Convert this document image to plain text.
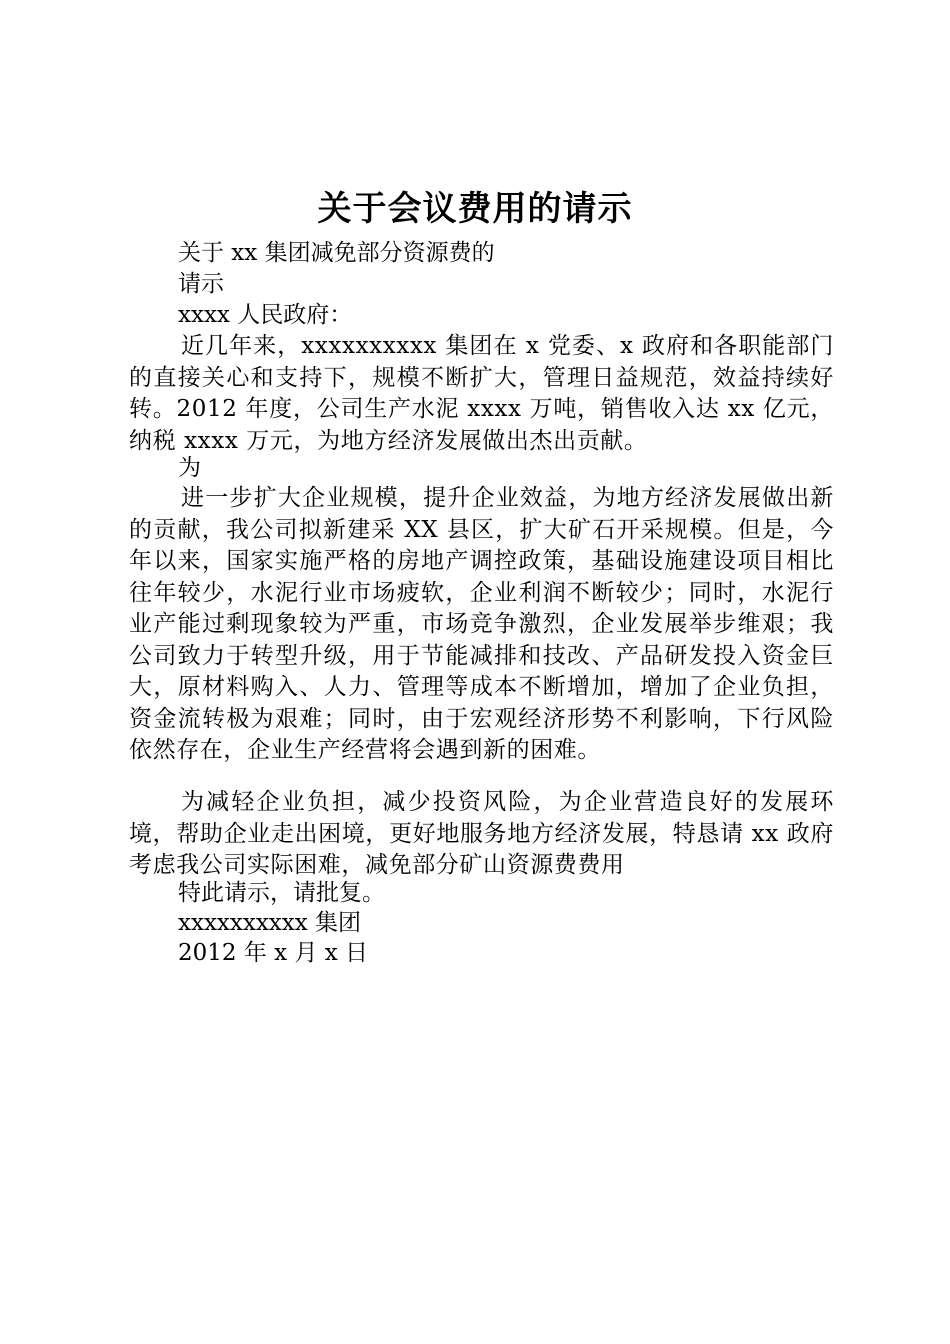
关于会议费用的请示
关于 xx 集团减免部分资源费的
请示
xxxx 人民政府：
近几年来，xxxxxxxxxx 集团在 x 党委、x 政府和各职能部门的直接关心和支持下，规模不断扩大，管理日益规范，效益持续好转。2012 年度，公司生产水泥 xxxx 万吨，销售收入达 xx 亿元，纳税 xxxx 万元，为地方经济发展做出杰出贡献。
为
进一步扩大企业规模，提升企业效益，为地方经济发展做出新的贡献，我公司拟新建采 XX 县区，扩大矿石开采规模。但是，今年以来，国家实施严格的房地产调控政策，基础设施建设项目相比往年较少，水泥行业市场疲软，企业利润不断较少；同时，水泥行业产能过剩现象较为严重，市场竞争激烈，企业发展举步维艰；我公司致力于转型升级，用于节能减排和技改、产品研发投入资金巨大，原材料购入、人力、管理等成本不断增加，增加了企业负担，资金流转极为艰难；同时，由于宏观经济形势不利影响，下行风险依然存在，企业生产经营将会遇到新的困难。
为减轻企业负担，减少投资风险，为企业营造良好的发展环境，帮助企业走出困境，更好地服务地方经济发展，特恳请 xx 政府考虑我公司实际困难，减免部分矿山资源费费用
特此请示，请批复。
xxxxxxxxxx 集团
2012 年 x 月 x 日
